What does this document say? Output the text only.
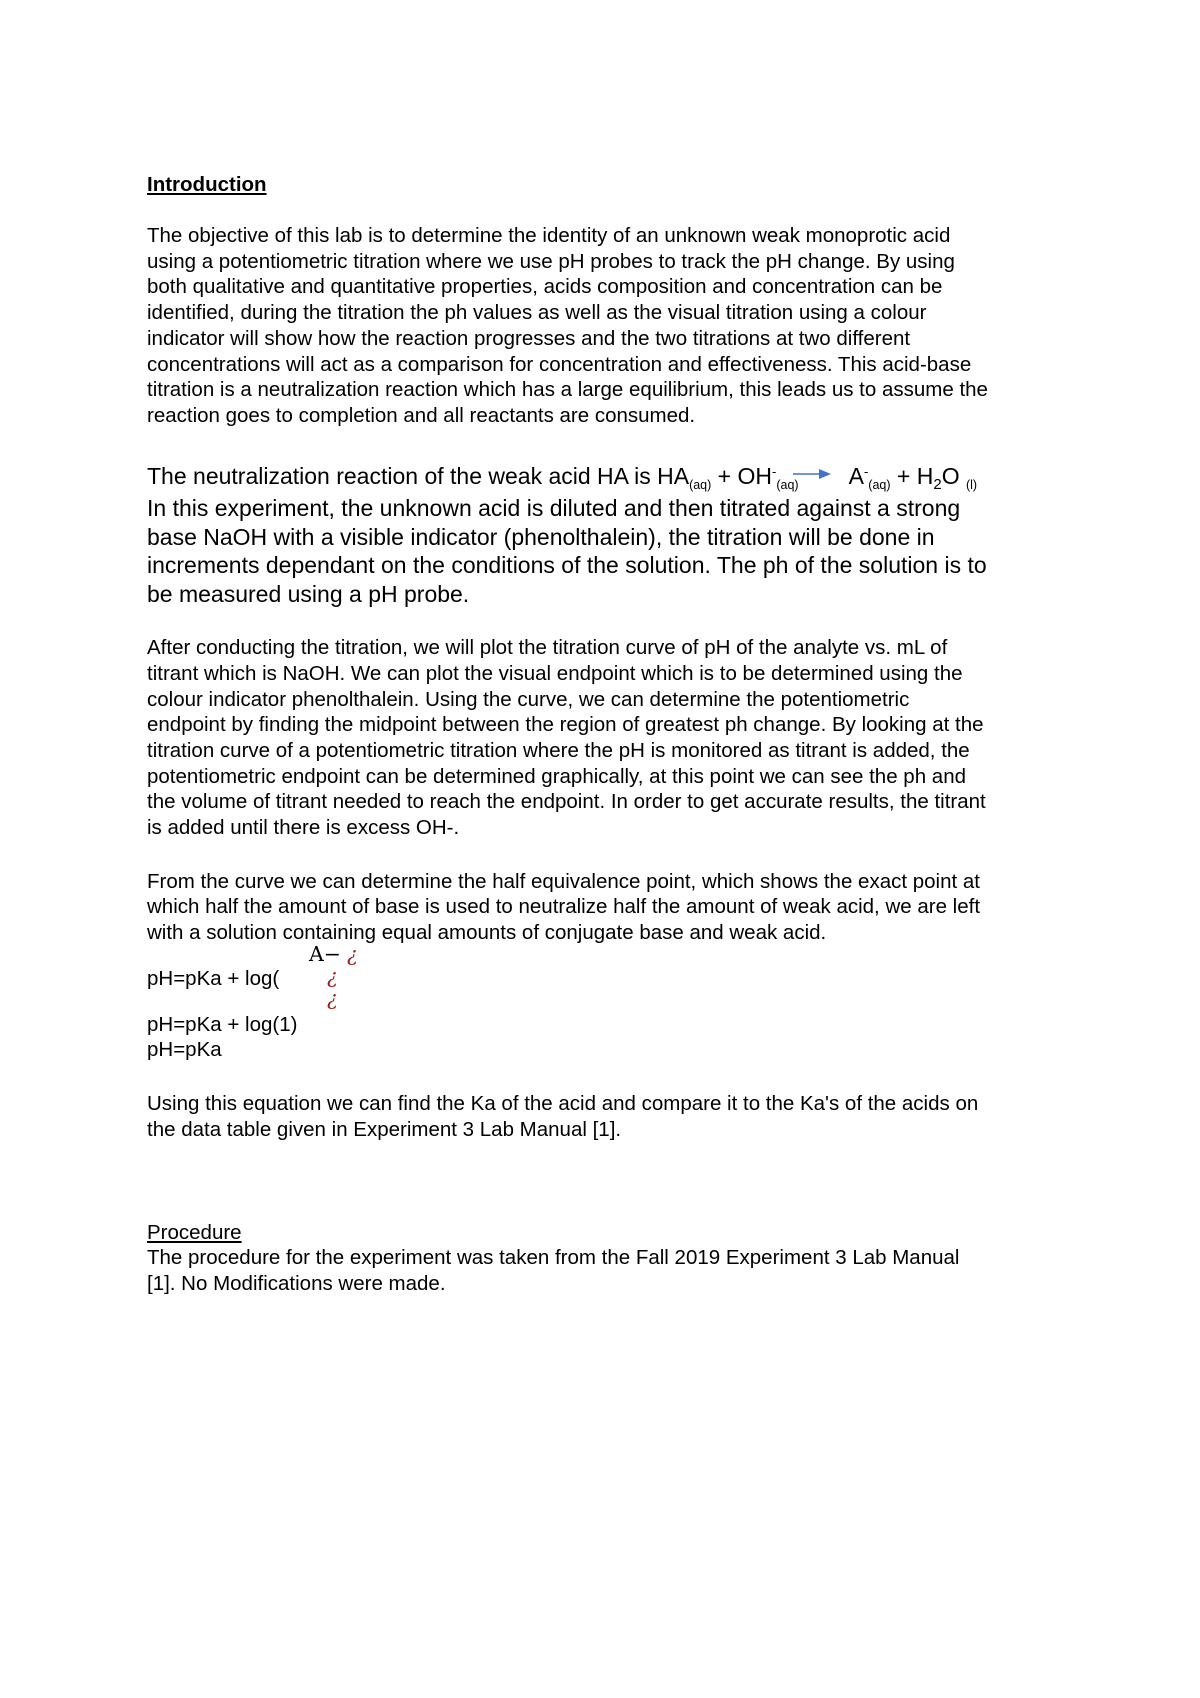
Introduction

The objective of this lab is to determine the identity of an unknown weak monoprotic acid

using a potentiometric titration where we use pH probes to track the pH change. By using

both qualitative and quantitative properties, acids composition and concentration can be

identified, during the titration the ph values as well as the visual titration using a colour

indicator will show how the reaction progresses and the two titrations at two different

concentrations will act as a comparison for concentration and effectiveness. This acid-base

titration is a neutralization reaction which has a large equilibrium, this leads us to assume the

reaction goes to completion and all reactants are consumed.

The neutralization reaction of the weak acid HA is $HA_{(aq)} + OH^-_{(aq)} \to A^-_{(aq)} + H_2O$ $_{(l)}$

In this experiment, the unknown acid is diluted and then titrated against a strong

base NaOH with a visible indicator (phenolthalein), the titration will be done in

increments dependant on the conditions of the solution. The ph of the solution is to

be measured using a pH probe.

After conducting the titration, we will plot the titration curve of pH of the analyte vs. mL of

titrant which is NaOH. We can plot the visual endpoint which is to be determined using the

colour indicator phenolthalein. Using the curve, we can determine the potentiometric

endpoint by finding the midpoint between the region of greatest ph change. By looking at the

titration curve of a potentiometric titration where the pH is monitored as titrant is added, the

potentiometric endpoint can be determined graphically, at this point we can see the ph and

the volume of titrant needed to reach the endpoint. In order to get accurate results, the titrant

is added until there is excess OH-.

From the curve we can determine the half equivalence point, which shows the exact point at

which half the amount of base is used to neutralize half the amount of weak acid, we are left

with a solution containing equal amounts of conjugate base and weak acid.

A− ¿
pH=pKa + log( ¿
¿
pH=pKa + log(1)
pH=pKa

Using this equation we can find the Ka of the acid and compare it to the Ka's of the acids on

the data table given in Experiment 3 Lab Manual [1].

Procedure

The procedure for the experiment was taken from the Fall 2019 Experiment 3 Lab Manual

[1]. No Modifications were made.
